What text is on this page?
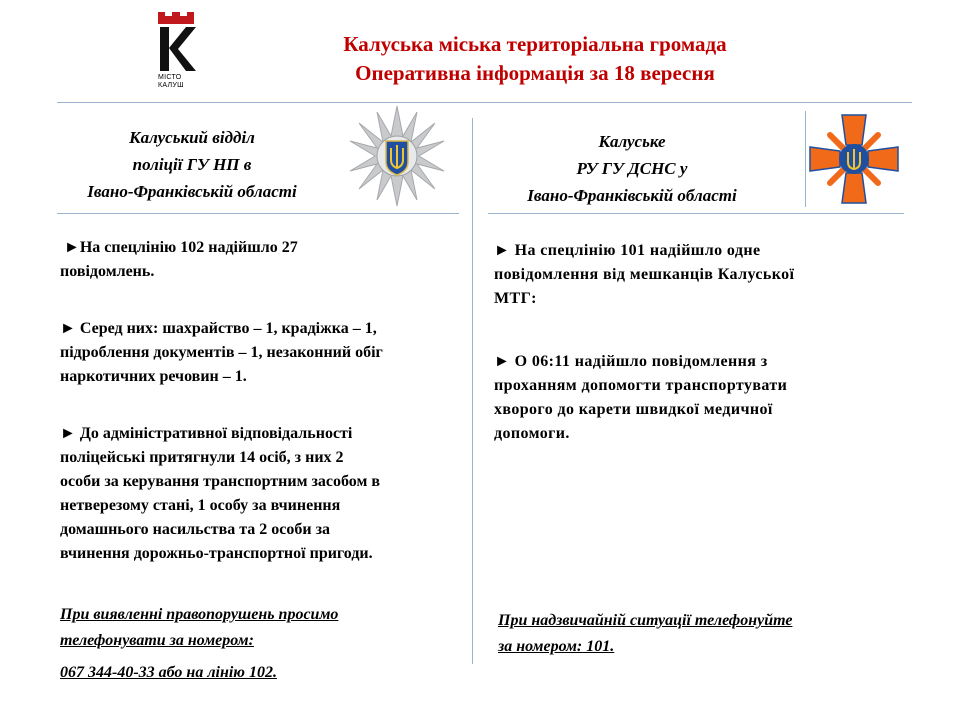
МІСТО
КАЛУШ
Калуська міська територіальна громада
Оперативна інформація за 18 вересня
Калуський відділ
поліції ГУ НП в
Івано-Франківській області

►На спецлінію 102 надійшло 27
повідомлень.

► Серед них: шахрайство – 1, крадіжка – 1,
підроблення документів – 1, незаконний обіг
наркотичних речовин – 1.

► До адміністративної відповідальності
поліцейські притягнули 14 осіб, з них 2
особи за керування транспортним засобом в
нетверезому стані, 1 особу за вчинення
домашнього насильства та 2 особи за
вчинення дорожньо-транспортної пригоди.

При виявленні правопорушень просимо
телефонувати за номером:
067 344-40-33 або на лінію 102.

Калуське
РУ ГУ ДСНС у
Івано-Франківській області

► На спецлінію 101 надійшло одне
повідомлення від мешканців Калуської
МТГ:

► О 06:11 надійшло повідомлення з
проханням допомогти транспортувати
хворого до карети швидкої медичної
допомоги.

При надзвичайній ситуації телефонуйте
за номером: 101.
